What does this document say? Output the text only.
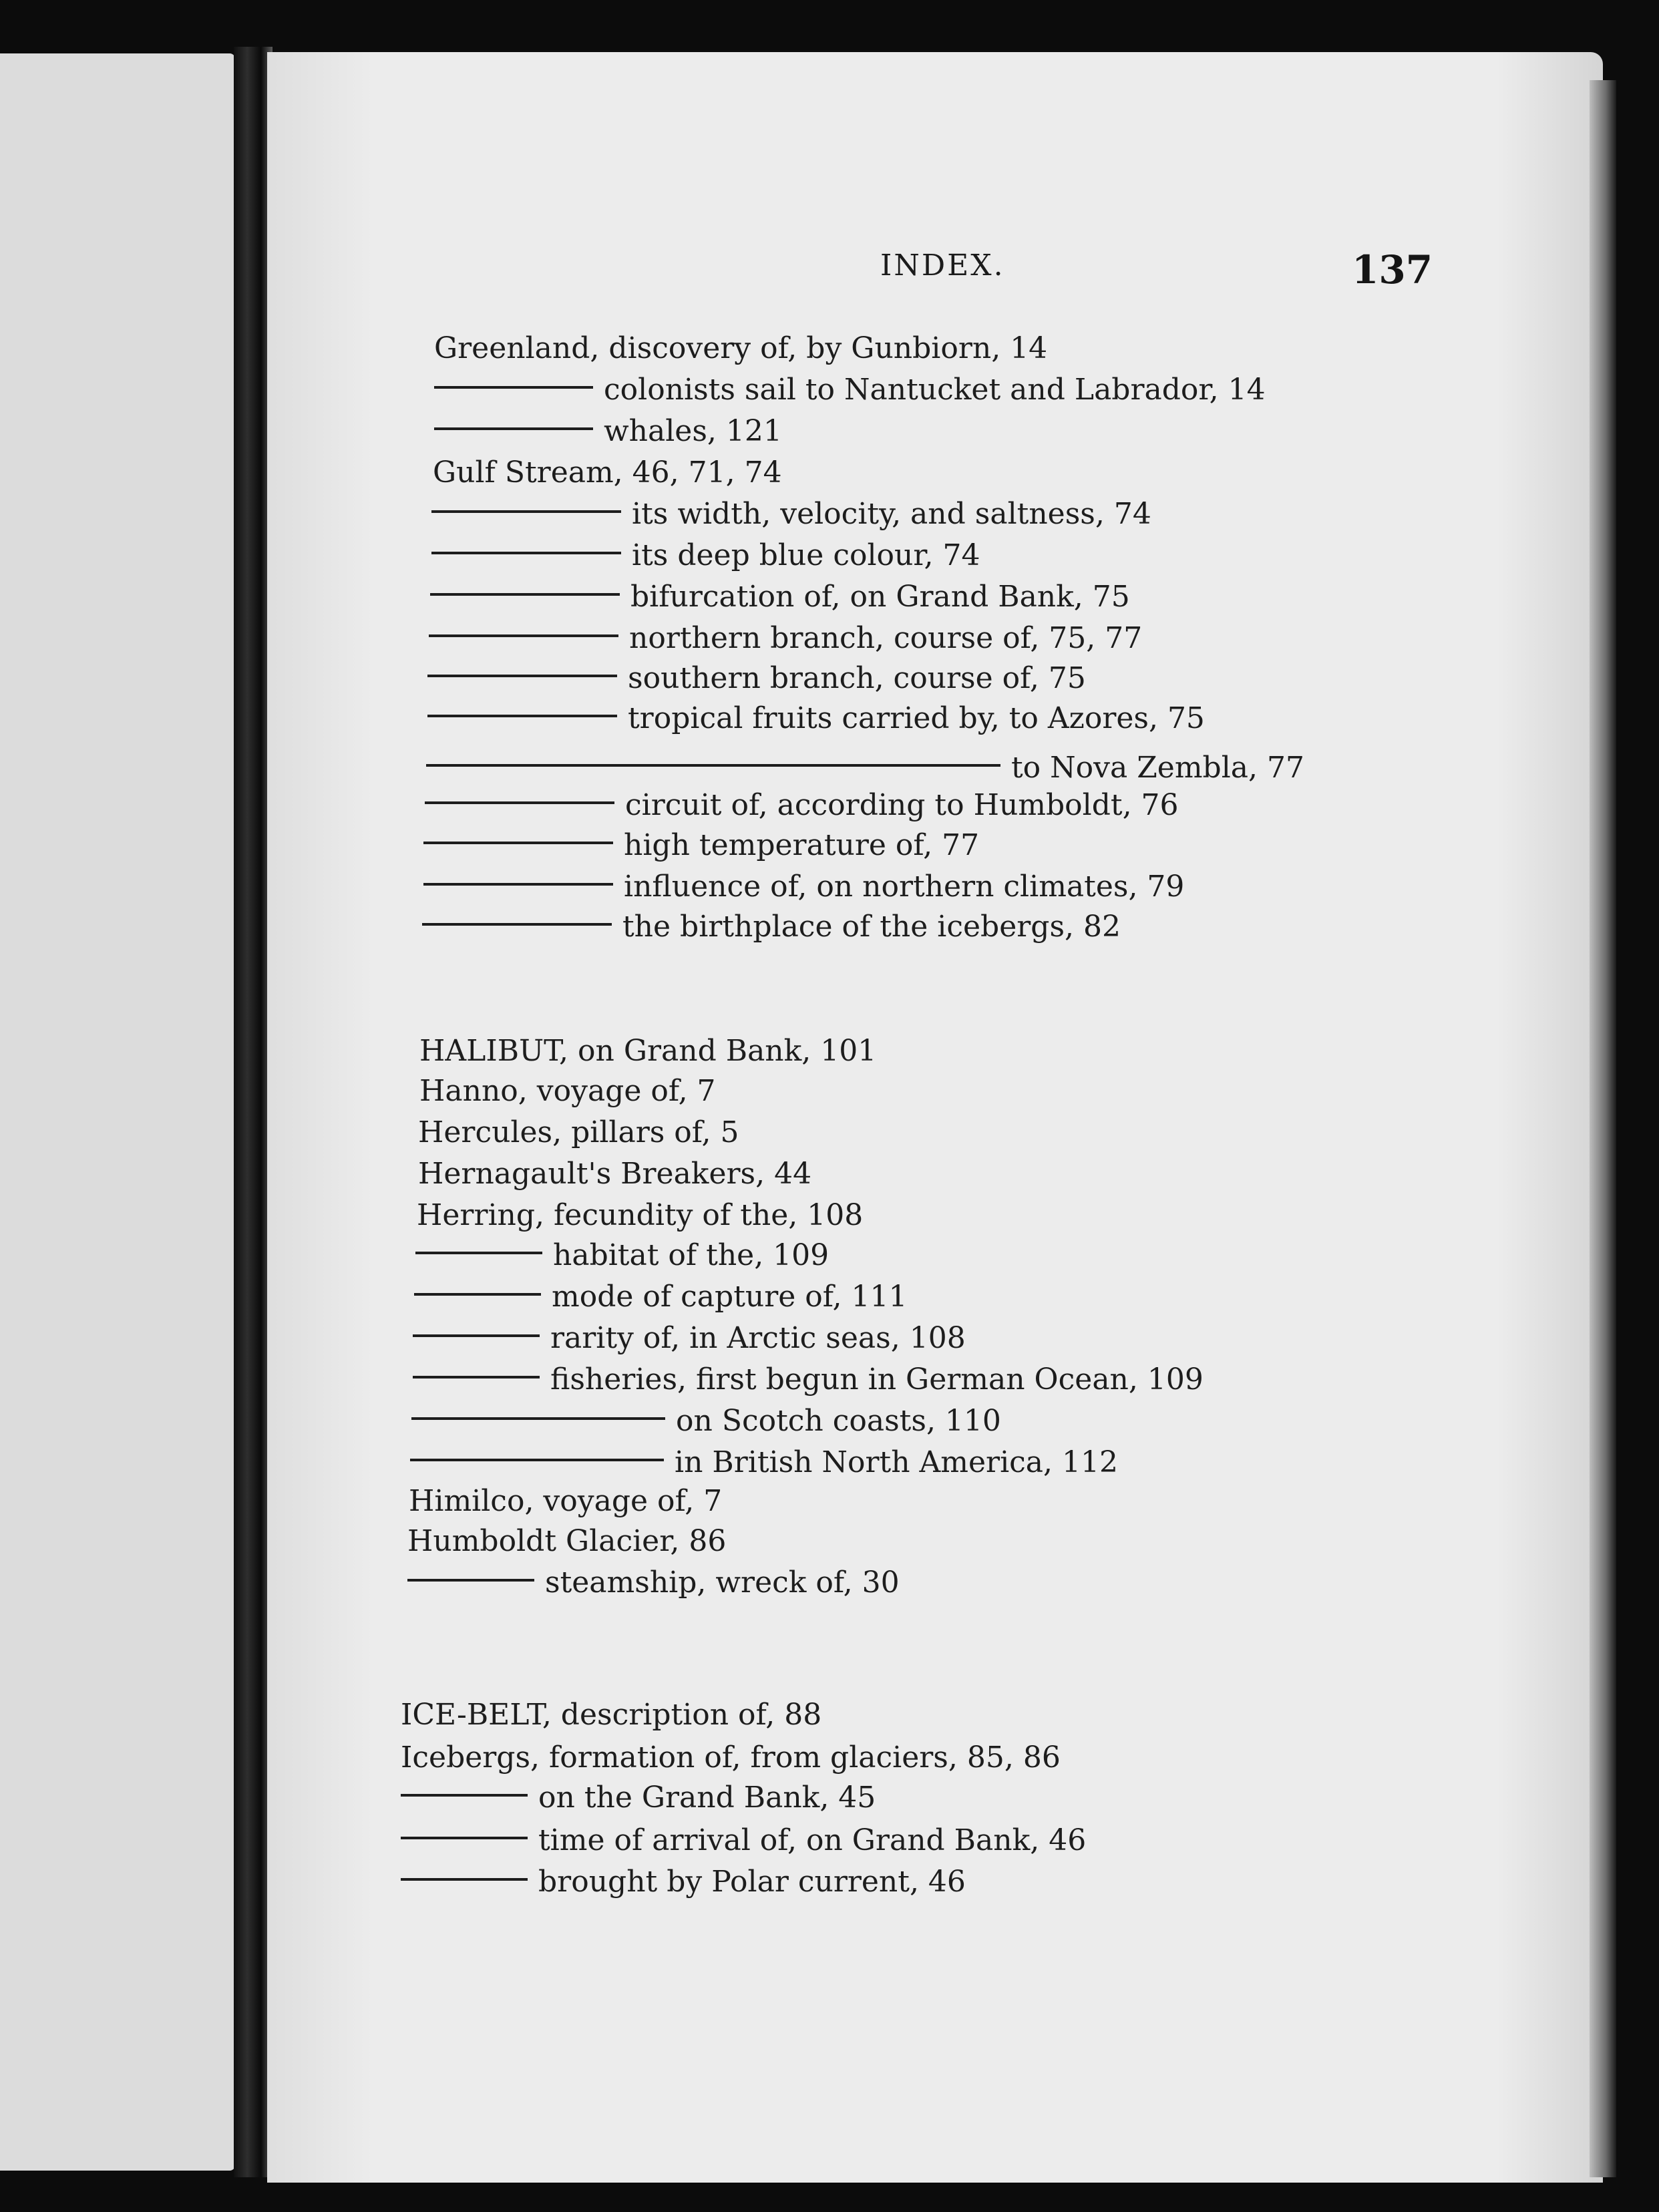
INDEX.	137
Greenland, discovery of, by Gunbiorn, 14
colonists sail to Nantucket and Labrador, 14
whales, 121
Gulf Stream, 46, 71, 74
its width, velocity, and saltness, 74
its deep blue colour, 74
bifurcation of, on Grand Bank, 75
northern branch, course of, 75, 77
southern branch, course of, 75
tropical fruits carried by, to Azores, 75
to Nova Zembla, 77
circuit of, according to Humboldt, 76
high temperature of, 77
influence of, on northern climates, 79
the birthplace of the icebergs, 82
HALIBUT, on Grand Bank, 101
Hanno, voyage of, 7
Hercules, pillars of, 5
Hernagault's Breakers, 44
Herring, fecundity of the, 108
habitat of the, 109
mode of capture of, 111
rarity of, in Arctic seas, 108
fisheries, first begun in German Ocean, 109
on Scotch coasts, 110
in British North America, 112
Himilco, voyage of, 7
Humboldt Glacier, 86
steamship, wreck of, 30
ICE-BELT, description of, 88
Icebergs, formation of, from glaciers, 85, 86
on the Grand Bank, 45
time of arrival of, on Grand Bank, 46
brought by Polar current, 46
